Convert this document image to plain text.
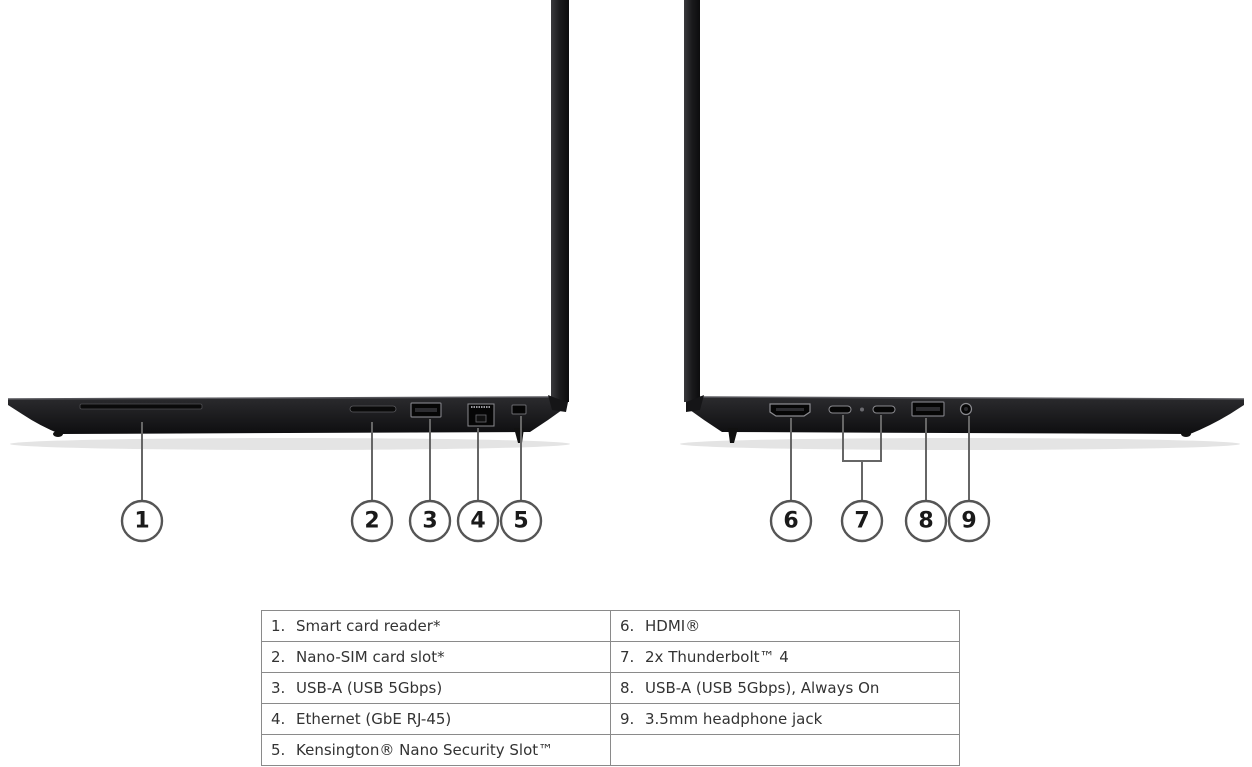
1	2 3 4 5	6	7 8 9
1. Smart card reader*	6. HDMI®
2. Nano-SIM card slot*	7. 2x Thunderbolt™ 4
3. USB-A (USB 5Gbps)	8. USB-A (USB 5Gbps), Always On
4. Ethernet (GbE RJ-45)	9. 3.5mm headphone jack
5. Kensington® Nano Security Slot™	
